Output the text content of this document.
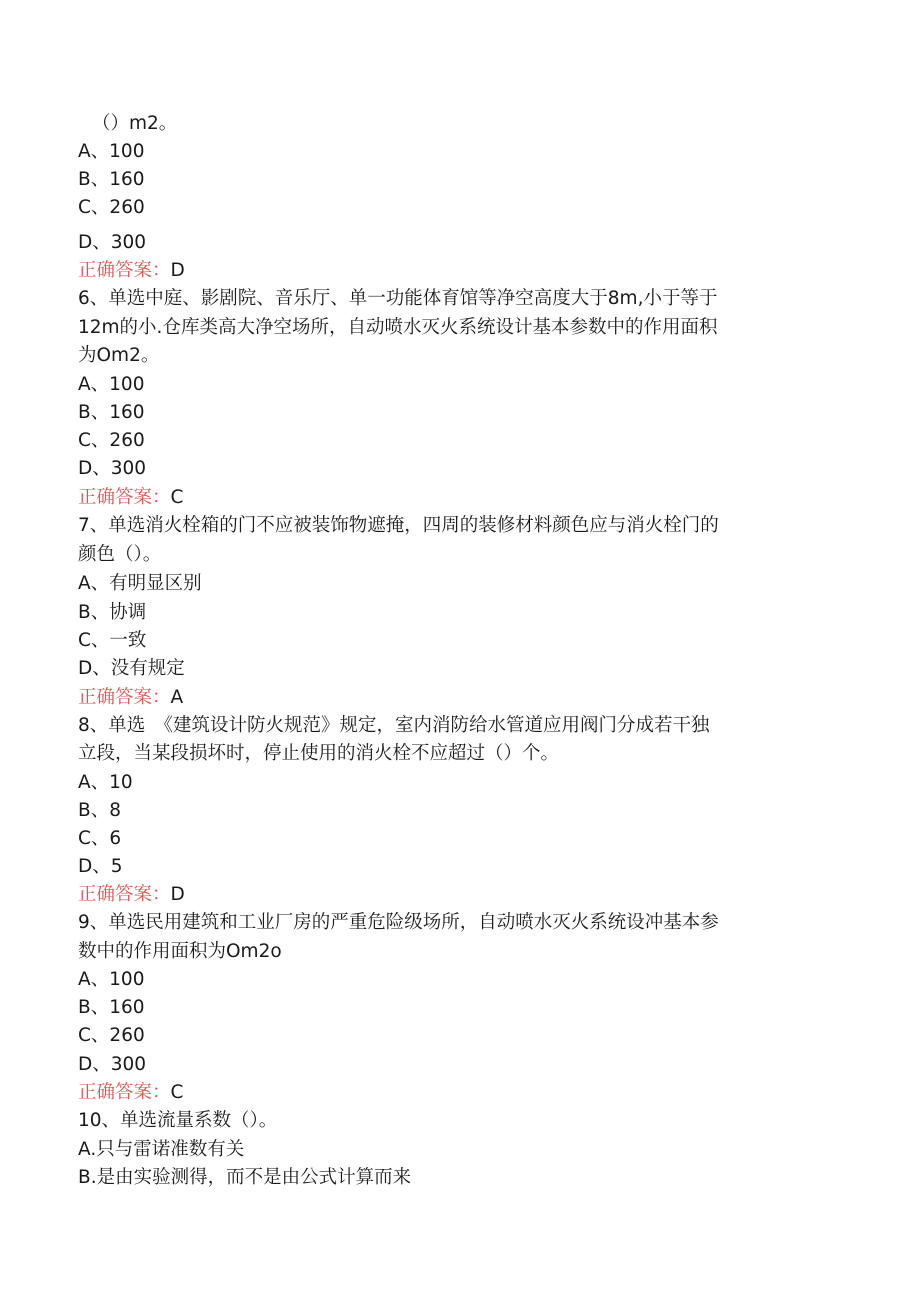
（）m2。
A、100
B、160
C、260
D、300
正确答案：D
6、单选中庭、影剧院、音乐厅、单一功能体育馆等净空高度大于8m,小于等于
12m的小.仓库类高大净空场所，自动喷水灭火系统设计基本参数中的作用面积
为Om2。
A、100
B、160
C、260
D、300
正确答案：C
7、单选消火栓箱的门不应被装饰物遮掩，四周的装修材料颜色应与消火栓门的
颜色（）。
A、有明显区别
B、协调
C、一致
D、没有规定
正确答案：A
8、单选　《建筑设计防火规范》规定，室内消防给水管道应用阀门分成若干独
立段，当某段损坏时，停止使用的消火栓不应超过（）个。
A、10
B、8
C、6
D、5
正确答案：D
9、单选民用建筑和工业厂房的严重危险级场所，自动喷水灭火系统设冲基本参
数中的作用面积为Om2o
A、100
B、160
C、260
D、300
正确答案：C
10、单选流量系数（）。
A.只与雷诺准数有关
B.是由实验测得，而不是由公式计算而来
